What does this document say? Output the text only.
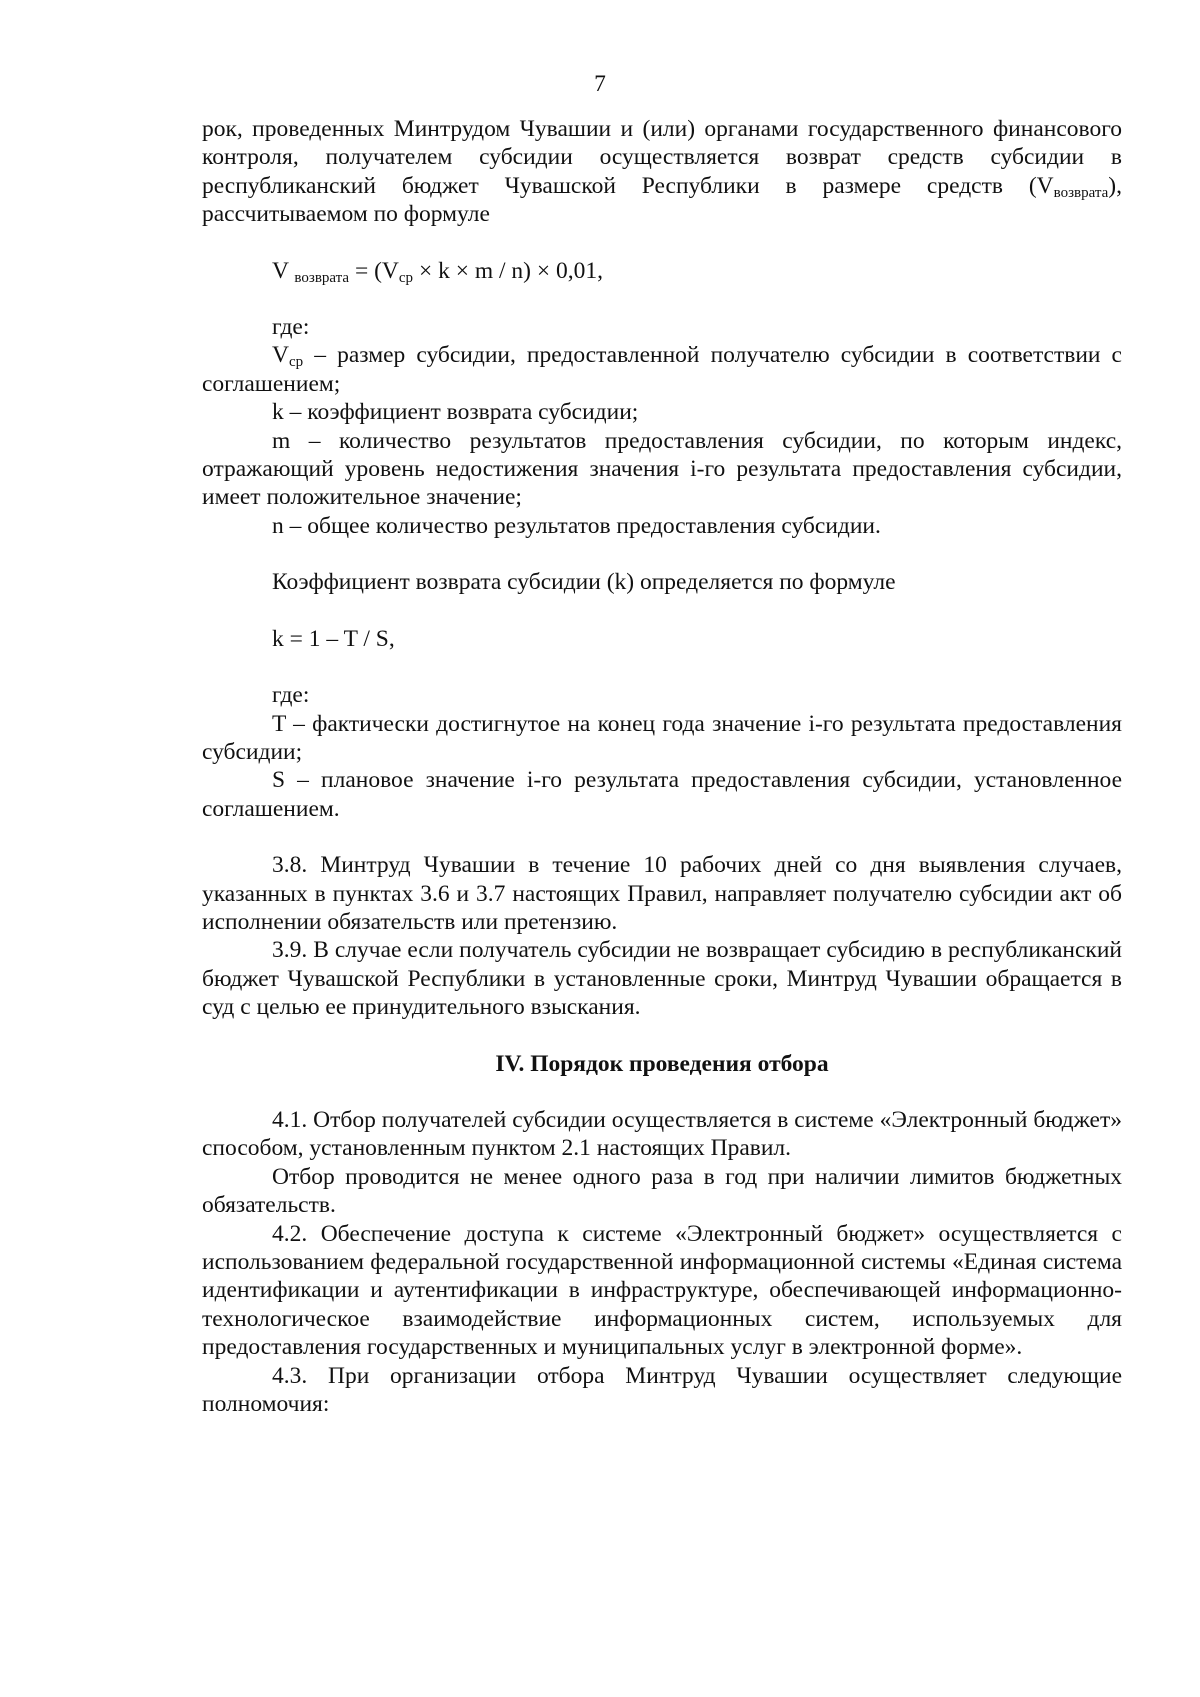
7

рок, проведенных Минтрудом Чувашии и (или) органами государственного финансового контроля, получателем субсидии осуществляется возврат средств субсидии в республиканский бюджет Чувашской Республики в размере средств $(V_{возврата})$, рассчитываемом по формуле

V $_{возврата} = (V_{ср} \times k \times m / n) \times 0,01$,

где:

$V_{ср}$ – размер субсидии, предоставленной получателю субсидии в соответствии с соглашением;

k – коэффициент возврата субсидии;

m – количество результатов предоставления субсидии, по которым индекс, отражающий уровень недостижения значения i-го результата предоставления субсидии, имеет положительное значение;

n – общее количество результатов предоставления субсидии.

Коэффициент возврата субсидии (k) определяется по формуле

k = 1 – T / S,

где:

T – фактически достигнутое на конец года значение i-го результата предоставления субсидии;

S – плановое значение i-го результата предоставления субсидии, установленное соглашением.

3.8. Минтруд Чувашии в течение 10 рабочих дней со дня выявления случаев, указанных в пунктах 3.6 и 3.7 настоящих Правил, направляет получателю субсидии акт об исполнении обязательств или претензию.

3.9. В случае если получатель субсидии не возвращает субсидию в республиканский бюджет Чувашской Республики в установленные сроки, Минтруд Чувашии обращается в суд с целью ее принудительного взыскания.

IV. Порядок проведения отбора

4.1. Отбор получателей субсидии осуществляется в системе «Электронный бюджет» способом, установленным пунктом 2.1 настоящих Правил.

Отбор проводится не менее одного раза в год при наличии лимитов бюджетных обязательств.

4.2. Обеспечение доступа к системе «Электронный бюджет» осуществляется с использованием федеральной государственной информационной системы «Единая система идентификации и аутентификации в инфраструктуре, обеспечивающей информационно-технологическое взаимодействие информационных систем, используемых для предоставления государственных и муниципальных услуг в электронной форме».

4.3. При организации отбора Минтруд Чувашии осуществляет следующие полномочия:
